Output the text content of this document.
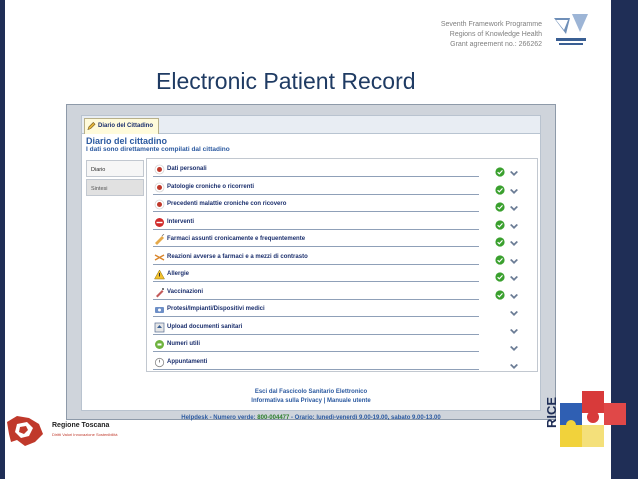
Seventh Framework Programme
Regions of Knowledge Health
Grant agreement no.: 266262
Electronic Patient Record
Diario del Cittadino
Diario del cittadino
I dati sono direttamente compilati dal cittadino
Diario
Sintesi
Dati personali
Patologie croniche o ricorrenti
Precedenti malattie croniche con ricovero
Interventi
Farmaci assunti cronicamente e frequentemente
Reazioni avverse a farmaci e a mezzi di contrasto
Allergie
Vaccinazioni
Protesi/Impianti/Dispositivi medici
Upload documenti sanitari
Numeri utili
Appuntamenti
Esci dal Fascicolo Sanitario Elettronico
Informativa sulla Privacy | Manuale utente
Helpdesk - Numero verde: 800-004477 - Orario: lunedì-venerdì 9.00-19.00, sabato 9.00-13.00
Regione Toscana
Diritti Valori Innovazione Sostenibilità
RICE
